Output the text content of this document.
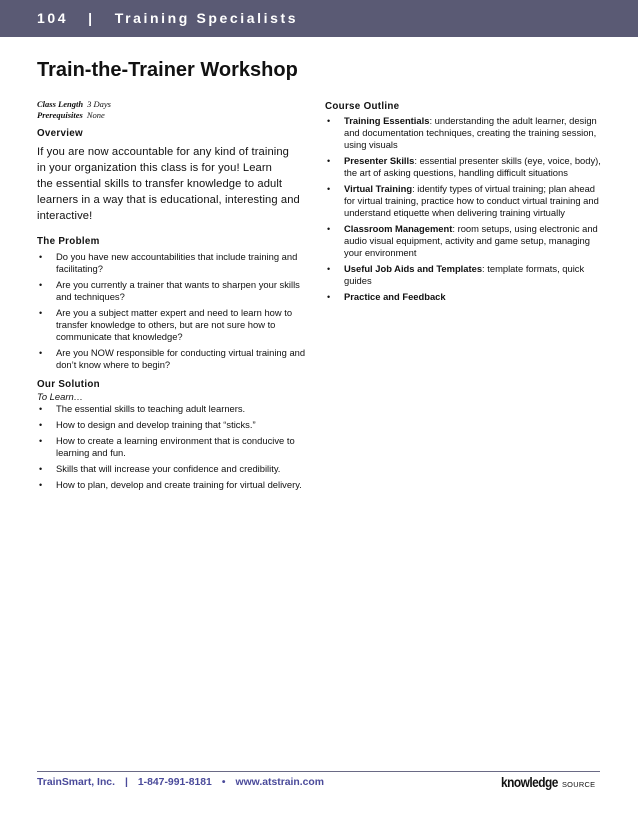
104 | Training Specialists
Train-the-Trainer Workshop
Class Length 3 Days
Prerequisites None
Overview
If you are now accountable for any kind of training
in your organization this class is for you! Learn
the essential skills to transfer knowledge to adult
learners in a way that is educational, interesting and
interactive!
The Problem
• Do you have new accountabilities that include training and facilitating?
• Are you currently a trainer that wants to sharpen your skills and techniques?
• Are you a subject matter expert and need to learn how to transfer knowledge to others, but are not sure how to communicate that knowledge?
• Are you NOW responsible for conducting virtual training and don’t know where to begin?
Our Solution
To Learn…
• The essential skills to teaching adult learners.
• How to design and develop training that “sticks.”
• How to create a learning environment that is conducive to learning and fun.
• Skills that will increase your confidence and credibility.
• How to plan, develop and create training for virtual delivery.
Course Outline
• Training Essentials: understanding the adult learner, design and documentation techniques, creating the training session, using visuals
• Presenter Skills: essential presenter skills (eye, voice, body), the art of asking questions, handling difficult situations
• Virtual Training: identify types of virtual training; plan ahead for virtual training, practice how to conduct virtual training and understand etiquette when delivering training virtually
• Classroom Management: room setups, using electronic and audio visual equipment, activity and game setup, managing your environment
• Useful Job Aids and Templates: template formats, quick guides
• Practice and Feedback
TrainSmart, Inc. | 1-847-991-8181 • www.atstrain.com	knowledge SOURCE
